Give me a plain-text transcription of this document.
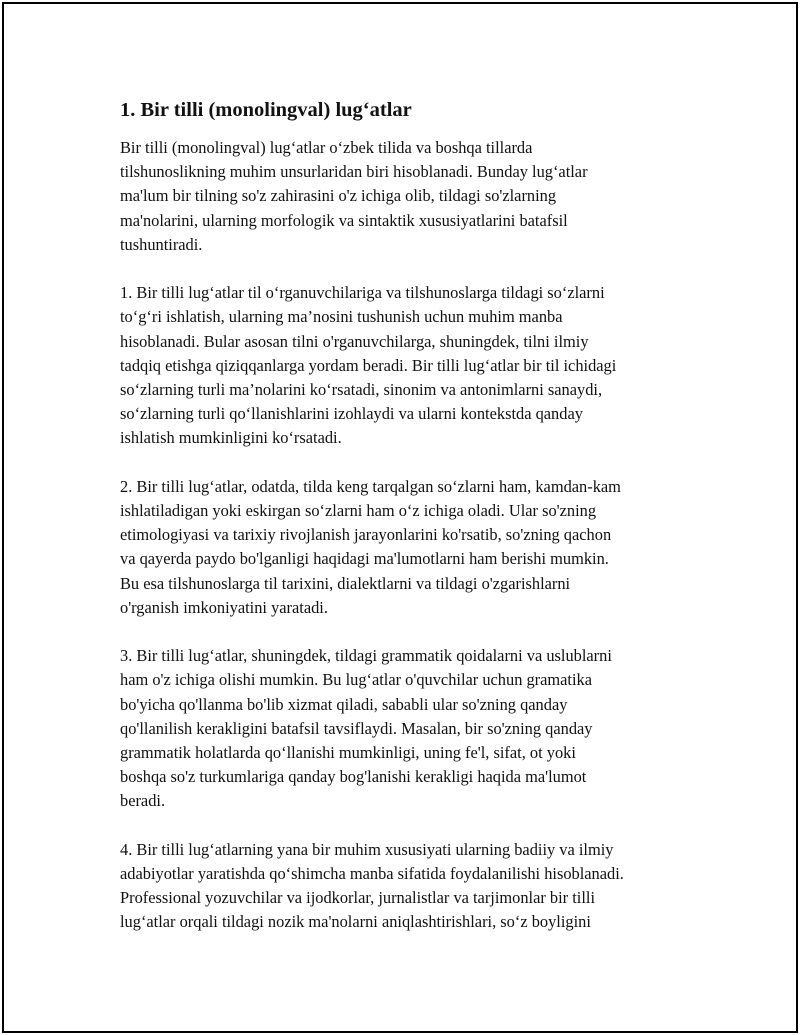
1. Bir tilli (monolingval) lug‘atlar

Bir tilli (monolingval) lug‘atlar o‘zbek tilida va boshqa tillarda
tilshunoslikning muhim unsurlaridan biri hisoblanadi. Bunday lug‘atlar
ma'lum bir tilning so'z zahirasini o'z ichiga olib, tildagi so'zlarning
ma'nolarini, ularning morfologik va sintaktik xususiyatlarini batafsil
tushuntiradi.

1. Bir tilli lug‘atlar til o‘rganuvchilariga va tilshunoslarga tildagi so‘zlarni
to‘g‘ri ishlatish, ularning ma’nosini tushunish uchun muhim manba
hisoblanadi. Bular asosan tilni o'rganuvchilarga, shuningdek, tilni ilmiy
tadqiq etishga qiziqqanlarga yordam beradi. Bir tilli lug‘atlar bir til ichidagi
so‘zlarning turli ma’nolarini ko‘rsatadi, sinonim va antonimlarni sanaydi,
so‘zlarning turli qo‘llanishlarini izohlaydi va ularni kontekstda qanday
ishlatish mumkinligini ko‘rsatadi.

2. Bir tilli lug‘atlar, odatda, tilda keng tarqalgan so‘zlarni ham, kamdan-kam
ishlatiladigan yoki eskirgan so‘zlarni ham o‘z ichiga oladi. Ular so'zning
etimologiyasi va tarixiy rivojlanish jarayonlarini ko'rsatib, so'zning qachon
va qayerda paydo bo'lganligi haqidagi ma'lumotlarni ham berishi mumkin.
Bu esa tilshunoslarga til tarixini, dialektlarni va tildagi o'zgarishlarni
o'rganish imkoniyatini yaratadi.

3. Bir tilli lug‘atlar, shuningdek, tildagi grammatik qoidalarni va uslublarni
ham o'z ichiga olishi mumkin. Bu lug‘atlar o'quvchilar uchun gramatika
bo'yicha qo'llanma bo'lib xizmat qiladi, sababli ular so'zning qanday
qo'llanilish kerakligini batafsil tavsiflaydi. Masalan, bir so'zning qanday
grammatik holatlarda qo‘llanishi mumkinligi, uning fe'l, sifat, ot yoki
boshqa so'z turkumlariga qanday bog'lanishi kerakligi haqida ma'lumot
beradi.

4. Bir tilli lug‘atlarning yana bir muhim xususiyati ularning badiiy va ilmiy
adabiyotlar yaratishda qo‘shimcha manba sifatida foydalanilishi hisoblanadi.
Professional yozuvchilar va ijodkorlar, jurnalistlar va tarjimonlar bir tilli
lug‘atlar orqali tildagi nozik ma'nolarni aniqlashtirishlari, so‘z boyligini
